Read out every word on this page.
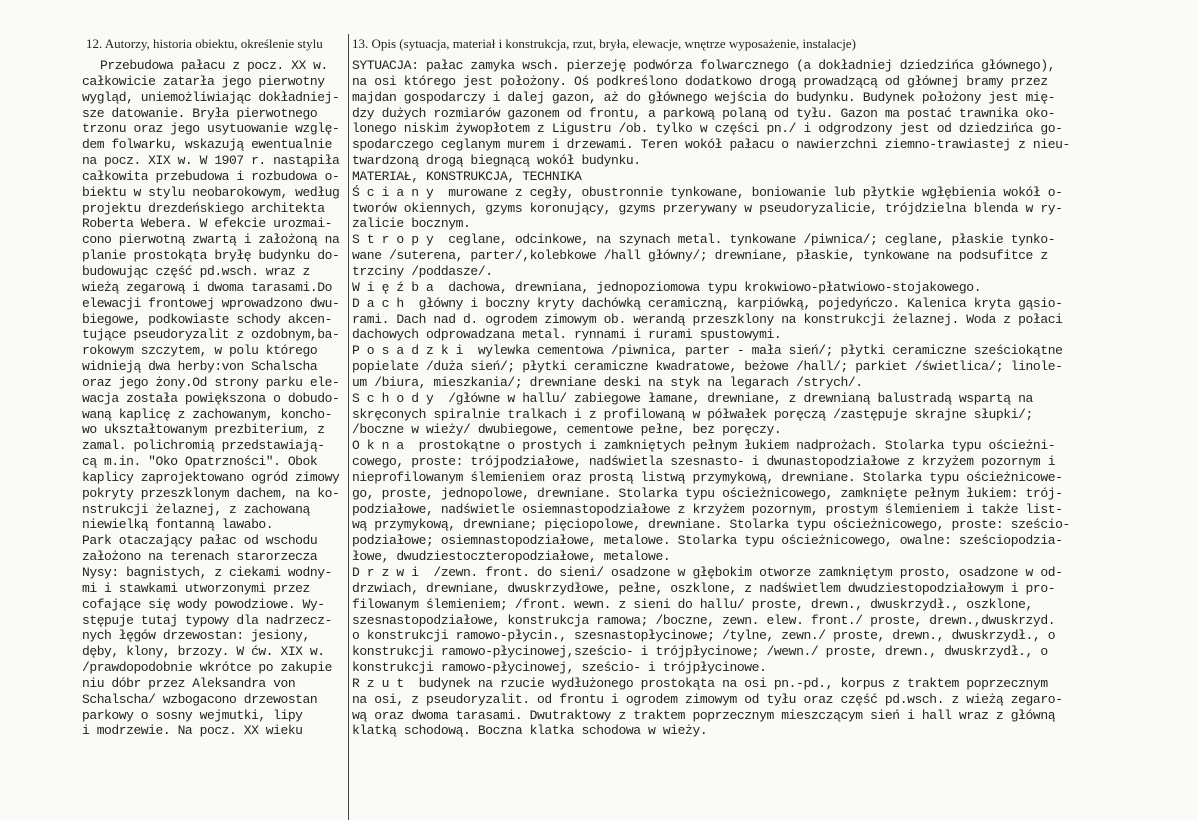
12. Autorzy, historia obiektu, określenie stylu
Przebudowa pałacu z pocz. XX w.
całkowicie zatarła jego pierwotny
wygląd, uniemożliwiając dokładniej-
sze datowanie. Bryła pierwotnego
trzonu oraz jego usytuowanie wzglę-
dem folwarku, wskazują ewentualnie
na pocz. XIX w. W 1907 r. nastąpiła
całkowita przebudowa i rozbudowa o-
biektu w stylu neobarokowym, według
projektu drezdeńskiego architekta
Roberta Webera. W efekcie urozmai-
cono pierwotną zwartą i założoną na
planie prostokąta bryłę budynku do-
budowując część pd.wsch. wraz z
wieżą zegarową i dwoma tarasami.Do
elewacji frontowej wprowadzono dwu-
biegowe, podkowiaste schody akcen-
tujące pseudoryzalit z ozdobnym,ba-
rokowym szczytem, w polu którego
widnieją dwa herby:von Schalscha
oraz jego żony.Od strony parku ele-
wacja została powiększona o dobudo-
waną kaplicę z zachowanym, koncho-
wo ukształtowanym prezbiterium, z
zamal. polichromią przedstawiają-
cą m.in. "Oko Opatrzności". Obok
kaplicy zaprojektowano ogród zimowy
pokryty przeszklonym dachem, na ko-
nstrukcji żelaznej, z zachowaną
niewielką fontanną lawabo.
Park otaczający pałac od wschodu
założono na terenach starorzecza
Nysy: bagnistych, z ciekami wodny-
mi i stawkami utworzonymi przez
cofające się wody powodziowe. Wy-
stępuje tutaj typowy dla nadrzecz-
nych łęgów drzewostan: jesiony,
dęby, klony, brzozy. W ćw. XIX w.
/prawdopodobnie wkrótce po zakupie
niu dóbr przez Aleksandra von
Schalscha/ wzbogacono drzewostan
parkowy o sosny wejmutki, lipy
i modrzewie. Na pocz. XX wieku
13. Opis (sytuacja, materiał i konstrukcja, rzut, bryła, elewacje, wnętrze wyposażenie, instalacje)
SYTUACJA: pałac zamyka wsch. pierzeję podwórza folwarcznego (a dokładniej dziedzińca głównego),
na osi którego jest położony. Oś podkreślono dodatkowo drogą prowadzącą od głównej bramy przez
majdan gospodarczy i dalej gazon, aż do głównego wejścia do budynku. Budynek położony jest mię-
dzy dużych rozmiarów gazonem od frontu, a parkową polaną od tyłu. Gazon ma postać trawnika oko-
lonego niskim żywopłotem z Ligustru /ob. tylko w części pn./ i odgrodzony jest od dziedzińca go-
spodarczego ceglanym murem i drzewami. Teren wokół pałacu o nawierzchni ziemno-trawiastej z nieu-
twardzoną drogą biegnącą wokół budynku.
MATERIAŁ, KONSTRUKCJA, TECHNIKA
Ś c i a n y  murowane z cegły, obustronnie tynkowane, boniowanie lub płytkie wgłębienia wokół o-
tworów okiennych, gzyms koronujący, gzyms przerywany w pseudoryzalicie, trójdzielna blenda w ry-
zalicie bocznym.
S t r o p y  ceglane, odcinkowe, na szynach metal. tynkowane /piwnica/; ceglane, płaskie tynko-
wane /suterena, parter/,kolebkowe /hall główny/; drewniane, płaskie, tynkowane na podsufitce z
trzciny /poddasze/.
W i ę ź b a  dachowa, drewniana, jednopoziomowa typu krokwiowo-płatwiowo-stojakowego.
D a c h  główny i boczny kryty dachówką ceramiczną, karpiówką, pojedyńczo. Kalenica kryta gąsio-
rami. Dach nad d. ogrodem zimowym ob. werandą przeszklony na konstrukcji żelaznej. Woda z połaci
dachowych odprowadzana metal. rynnami i rurami spustowymi.
P o s a d z k i  wylewka cementowa /piwnica, parter - mała sień/; płytki ceramiczne sześciokątne
popielate /duża sień/; płytki ceramiczne kwadratowe, beżowe /hall/; parkiet /świetlica/; linole-
um /biura, mieszkania/; drewniane deski na styk na legarach /strych/.
S c h o d y  /główne w hallu/ zabiegowe łamane, drewniane, z drewnianą balustradą wspartą na
skręconych spiralnie tralkach i z profilowaną w półwałek poręczą /zastępuje skrajne słupki/;
/boczne w wieży/ dwubiegowe, cementowe pełne, bez poręczy.
O k n a  prostokątne o prostych i zamkniętych pełnym łukiem nadprożach. Stolarka typu ościeżni-
cowego, proste: trójpodziałowe, nadświetla szesnasto- i dwunastopodziałowe z krzyżem pozornym i
nieprofilowanym ślemieniem oraz prostą listwą przymykową, drewniane. Stolarka typu ościeżnicowe-
go, proste, jednopolowe, drewniane. Stolarka typu ościeżnicowego, zamknięte pełnym łukiem: trój-
podziałowe, nadświetle osiemnastopodziałowe z krzyżem pozornym, prostym ślemieniem i także list-
wą przymykową, drewniane; pięciopolowe, drewniane. Stolarka typu ościeżnicowego, proste: sześcio-
podziałowe; osiemnastopodziałowe, metalowe. Stolarka typu ościeżnicowego, owalne: sześciopodzia-
łowe, dwudziestoczteropodziałowe, metalowe.
D r z w i  /zewn. front. do sieni/ osadzone w głębokim otworze zamkniętym prosto, osadzone w od-
drzwiach, drewniane, dwuskrzydłowe, pełne, oszklone, z nadświetlem dwudziestopodziałowym i pro-
filowanym ślemieniem; /front. wewn. z sieni do hallu/ proste, drewn., dwuskrzydł., oszklone,
szesnastopodziałowe, konstrukcja ramowa; /boczne, zewn. elew. front./ proste, drewn.,dwuskrzyd.
o konstrukcji ramowo-płycin., szesnastopłycinowe; /tylne, zewn./ proste, drewn., dwuskrzydł., o
konstrukcji ramowo-płycinowej,sześcio- i trójpłycinowe; /wewn./ proste, drewn., dwuskrzydł., o
konstrukcji ramowo-płycinowej, sześcio- i trójpłycinowe.
R z u t  budynek na rzucie wydłużonego prostokąta na osi pn.-pd., korpus z traktem poprzecznym
na osi, z pseudoryzalit. od frontu i ogrodem zimowym od tyłu oraz część pd.wsch. z wieżą zegaro-
wą oraz dwoma tarasami. Dwutraktowy z traktem poprzecznym mieszczącym sień i hall wraz z główną
klatką schodową. Boczna klatka schodowa w wieży.
